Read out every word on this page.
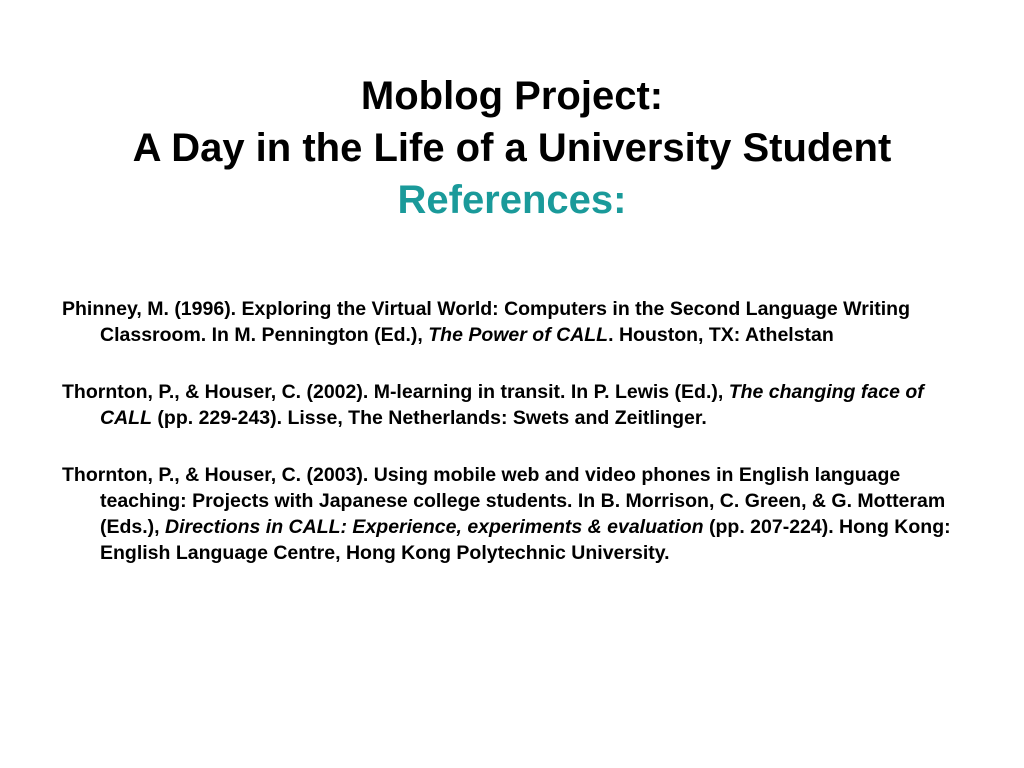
Moblog Project:
A Day in the Life of a University Student
References:

Phinney, M. (1996). Exploring the Virtual World: Computers in the Second Language Writing Classroom. In M. Pennington (Ed.), The Power of CALL. Houston, TX: Athelstan

Thornton, P., & Houser, C. (2002). M-learning in transit. In P. Lewis (Ed.), The changing face of CALL (pp. 229-243). Lisse, The Netherlands: Swets and Zeitlinger.

Thornton, P., & Houser, C. (2003). Using mobile web and video phones in English language teaching: Projects with Japanese college students. In B. Morrison, C. Green, & G. Motteram (Eds.), Directions in CALL: Experience, experiments & evaluation (pp. 207-224). Hong Kong: English Language Centre, Hong Kong Polytechnic University.
